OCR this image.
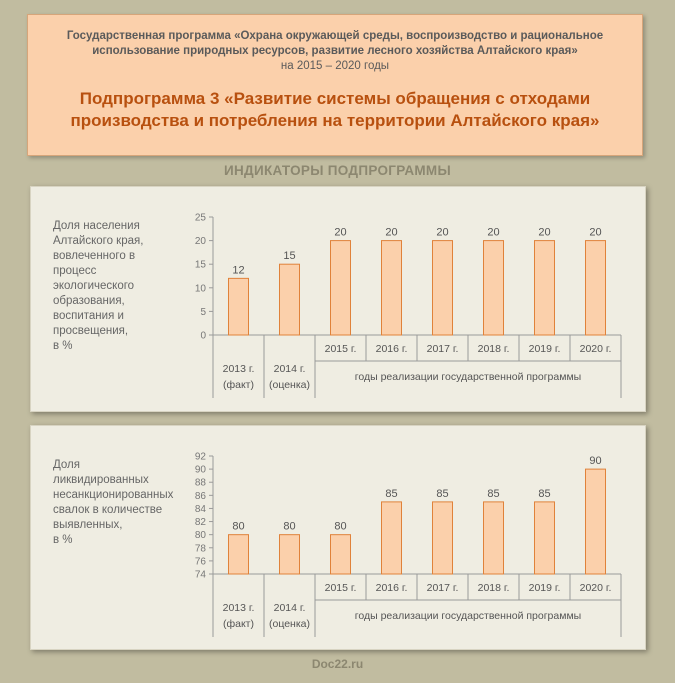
Государственная программа «Охрана окружающей среды, воспроизводство и рациональное
использование природных ресурсов, развитие лесного хозяйства Алтайского края»
на 2015 – 2020 годы
Подпрограмма 3 «Развитие системы обращения с отходами
производства и потребления на территории Алтайского края»
ИНДИКАТОРЫ ПОДПРОГРАММЫ
Доля населения
Алтайского края,
вовлеченного в
процесс
экологического
образования,
воспитания и
просвещения,
в %
0
5
10
15
20
25
12
2013 г.
(факт)
15
2014 г.
(оценка)
20
2015 г.
20
2016 г.
20
2017 г.
20
2018 г.
20
2019 г.
20
2020 г.
годы реализации государственной программы
Доля
ликвидированных
несанкционированных
свалок в количестве
выявленных,
в %
74
76
78
80
82
84
86
88
90
92
80
2013 г.
(факт)
80
2014 г.
(оценка)
80
2015 г.
85
2016 г.
85
2017 г.
85
2018 г.
85
2019 г.
90
2020 г.
годы реализации государственной программы
Doc22.ru
